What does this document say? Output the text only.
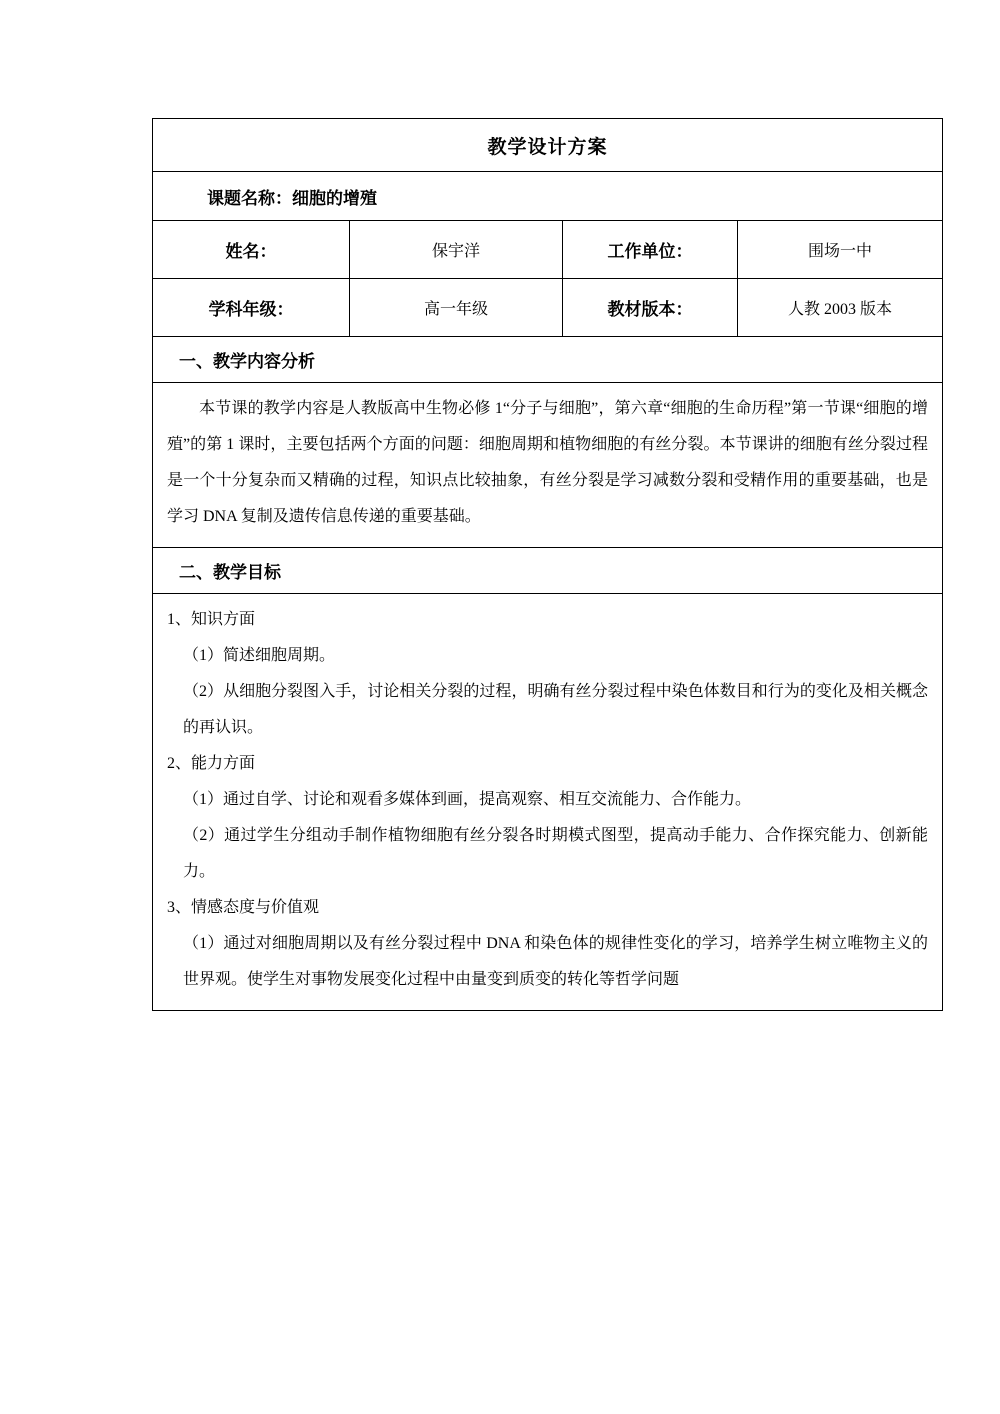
教学设计方案			

课题名称：细胞的增殖			

姓名：	保宇洋	工作单位：	围场一中

学科年级：	高一年级	教材版本：	人教 2003 版本

一、教学内容分析			

本节课的教学内容是人教版高中生物必修 1“分子与细胞”，第六章“细胞的生命历程”第一节课“细胞的增殖”的第 1 课时，主要包括两个方面的问题：细胞周期和植物细胞的有丝分裂。本节课讲的细胞有丝分裂过程是一个十分复杂而又精确的过程，知识点比较抽象，有丝分裂是学习减数分裂和受精作用的重要基础，也是学习 DNA 复制及遗传信息传递的重要基础。			

二、教学目标			

1、知识方面

（1）简述细胞周期。

（2）从细胞分裂图入手，讨论相关分裂的过程，明确有丝分裂过程中染色体数目和行为的变化及相关概念的再认识。

2、能力方面

（1）通过自学、讨论和观看多媒体到画，提高观察、相互交流能力、合作能力。

（2）通过学生分组动手制作植物细胞有丝分裂各时期模式图型，提高动手能力、合作探究能力、创新能力。

3、情感态度与价值观

（1）通过对细胞周期以及有丝分裂过程中 DNA 和染色体的规律性变化的学习，培养学生树立唯物主义的世界观。使学生对事物发展变化过程中由量变到质变的转化等哲学问题
